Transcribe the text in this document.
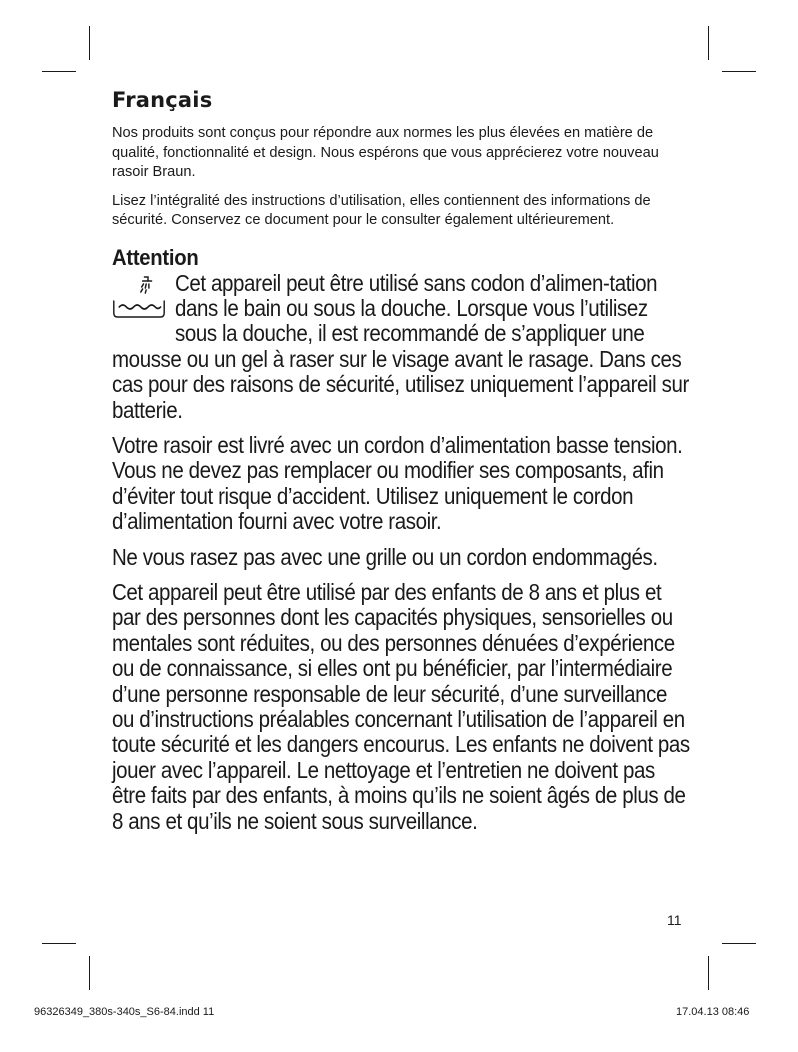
Français

Nos produits sont conçus pour répondre aux normes les plus élevées en matière de qualité, fonctionnalité et design. Nous espérons que vous apprécierez votre nouveau rasoir Braun.

Lisez l’intégralité des instructions d’utilisation, elles contiennent des informations de sécurité. Conservez ce document pour le consulter également ultérieurement.

Attention

Cet appareil peut être utilisé sans codon d’alimen-tation dans le bain ou sous la douche. Lorsque vous l’utilisez sous la douche, il est recommandé de s’appliquer une mousse ou un gel à raser sur le visage avant le rasage. Dans ces cas pour des raisons de sécurité, utilisez uniquement l’appareil sur batterie.

Votre rasoir est livré avec un cordon d’alimentation basse tension. Vous ne devez pas remplacer ou modifier ses composants, afin d’éviter tout risque d’accident. Utilisez uniquement le cordon d’alimentation fourni avec votre rasoir.

Ne vous rasez pas avec une grille ou un cordon endommagés.

Cet appareil peut être utilisé par des enfants de 8 ans et plus et par des personnes dont les capacités physiques, sensorielles ou mentales sont réduites, ou des personnes dénuées d’expérience ou de connaissance, si elles ont pu bénéficier, par l’intermédiaire d’une personne responsable de leur sécurité, d’une surveillance ou d’instructions préalables concernant l’utilisation de l’appareil en toute sécurité et les dangers encourus. Les enfants ne doivent pas jouer avec l’appareil. Le nettoyage et l’entretien ne doivent pas être faits par des enfants, à moins qu’ils ne soient âgés de plus de 8 ans et qu’ils ne soient sous surveillance.

11
96326349_380s-340s_S6-84.indd 11	17.04.13 08:46
